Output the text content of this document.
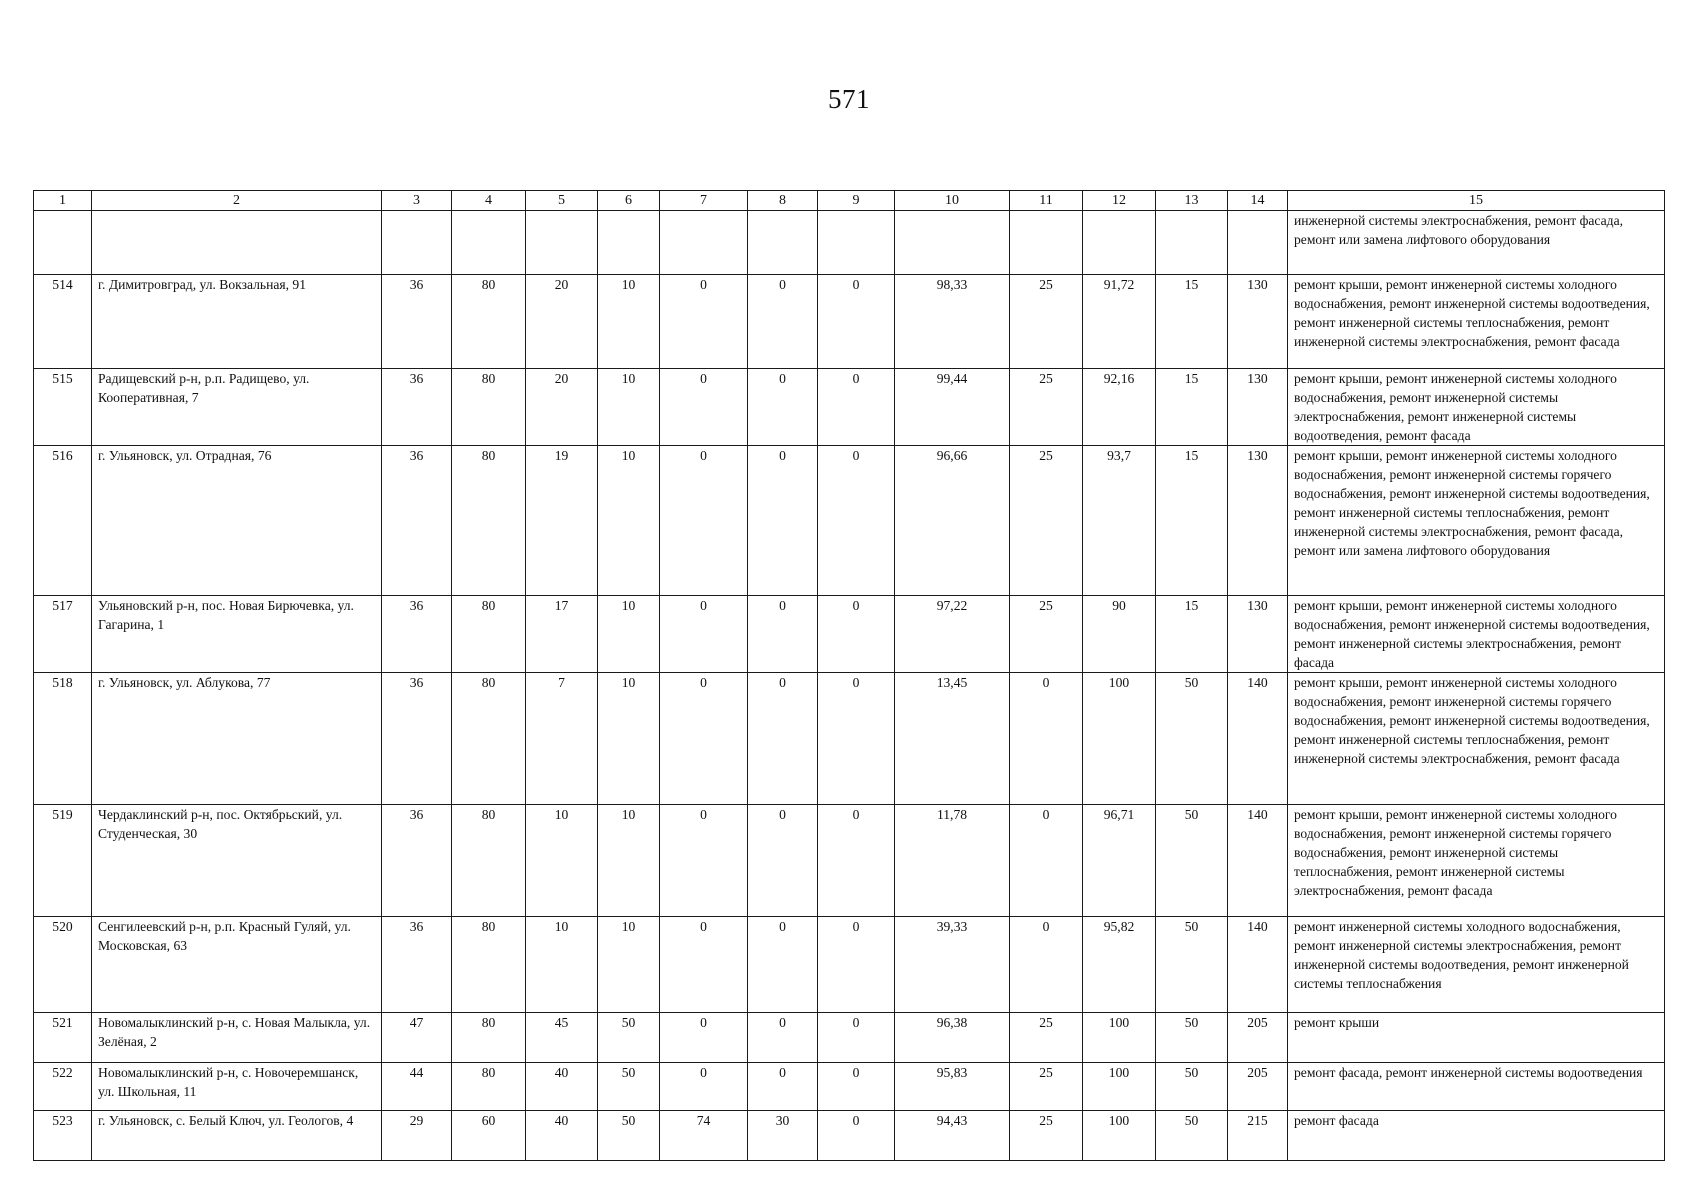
571
1	2	3	4	5	6	7	8	9	10	11	12	13	14	15
														инженерной системы электроснабжения, ремонт фасада, ремонт или замена лифтового оборудования
514	г. Димитровград, ул. Вокзальная, 91	36	80	20	10	0	0	0	98,33	25	91,72	15	130	ремонт крыши, ремонт инженерной системы холодного водоснабжения, ремонт инженерной системы водоотведения, ремонт инженерной системы теплоснабжения, ремонт инженерной системы электроснабжения, ремонт фасада
515	Радищевский р-н, р.п. Радищево, ул. Кооперативная, 7	36	80	20	10	0	0	0	99,44	25	92,16	15	130	ремонт крыши, ремонт инженерной системы холодного водоснабжения, ремонт инженерной системы электроснабжения, ремонт инженерной системы водоотведения, ремонт фасада
516	г. Ульяновск, ул. Отрадная, 76	36	80	19	10	0	0	0	96,66	25	93,7	15	130	ремонт крыши, ремонт инженерной системы холодного водоснабжения, ремонт инженерной системы горячего водоснабжения, ремонт инженерной системы водоотведения, ремонт инженерной системы теплоснабжения, ремонт инженерной системы электроснабжения, ремонт фасада, ремонт или замена лифтового оборудования
517	Ульяновский р-н, пос. Новая Бирючевка, ул. Гагарина, 1	36	80	17	10	0	0	0	97,22	25	90	15	130	ремонт крыши, ремонт инженерной системы холодного водоснабжения, ремонт инженерной системы водоотведения, ремонт инженерной системы электроснабжения, ремонт фасада
518	г. Ульяновск, ул. Аблукова, 77	36	80	7	10	0	0	0	13,45	0	100	50	140	ремонт крыши, ремонт инженерной системы холодного водоснабжения, ремонт инженерной системы горячего водоснабжения, ремонт инженерной системы водоотведения, ремонт инженерной системы теплоснабжения, ремонт инженерной системы электроснабжения, ремонт фасада
519	Чердаклинский р-н, пос. Октябрьский, ул. Студенческая, 30	36	80	10	10	0	0	0	11,78	0	96,71	50	140	ремонт крыши, ремонт инженерной системы холодного водоснабжения, ремонт инженерной системы горячего водоснабжения, ремонт инженерной системы теплоснабжения, ремонт инженерной системы электроснабжения, ремонт фасада
520	Сенгилеевский р-н, р.п. Красный Гуляй, ул. Московская, 63	36	80	10	10	0	0	0	39,33	0	95,82	50	140	ремонт инженерной системы холодного водоснабжения, ремонт инженерной системы электроснабжения, ремонт инженерной системы водоотведения, ремонт инженерной системы теплоснабжения
521	Новомалыклинский р-н, с. Новая Малыкла, ул. Зелёная, 2	47	80	45	50	0	0	0	96,38	25	100	50	205	ремонт крыши
522	Новомалыклинский р-н, с. Новочеремшанск, ул. Школьная, 11	44	80	40	50	0	0	0	95,83	25	100	50	205	ремонт фасада, ремонт инженерной системы водоотведения
523	г. Ульяновск, с. Белый Ключ, ул. Геологов, 4	29	60	40	50	74	30	0	94,43	25	100	50	215	ремонт фасада
